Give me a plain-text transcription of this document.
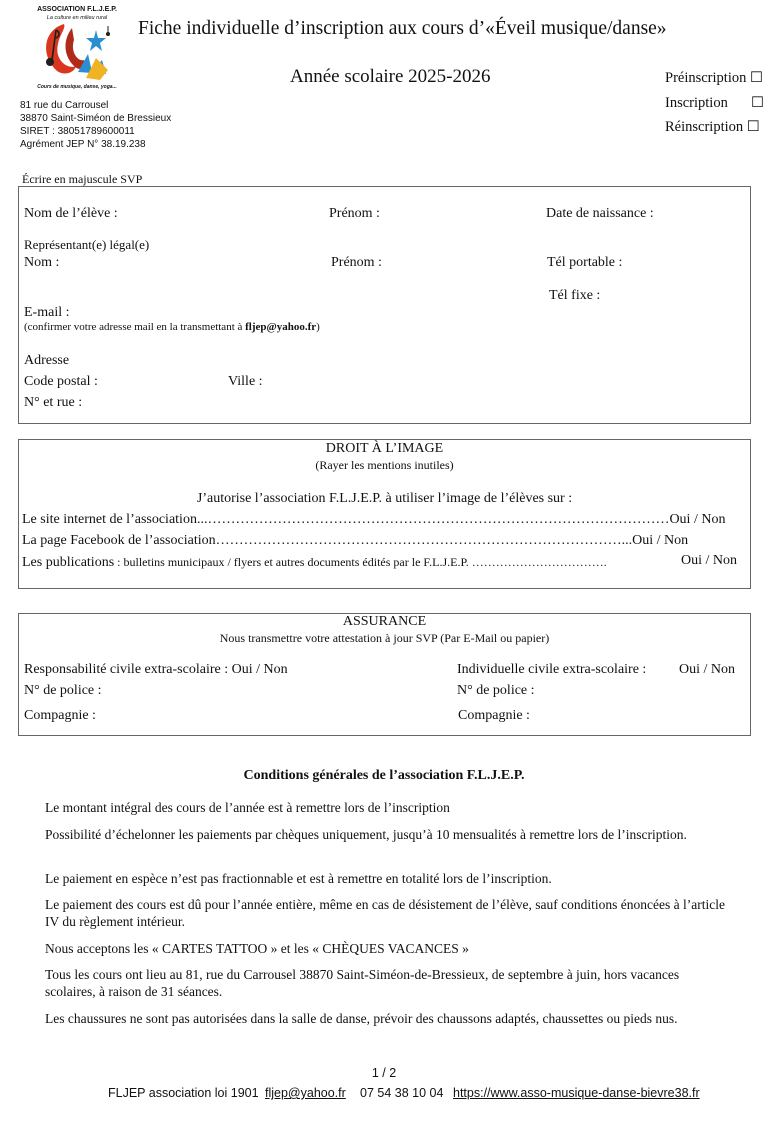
ASSOCIATION F.L.J.E.P.
La culture en milieu rural
Cours de musique, danse, yoga...
Fiche individuelle d’inscription aux cours d’«Éveil musique/danse»
Année scolaire 2025-2026	Préinscription ☐
Inscription ☐
Réinscription ☐
81 rue du Carrousel
38870 Saint-Siméon de Bressieux
SIRET : 38051789600011
Agrément JEP N° 38.19.238
Écrire en majuscule SVP
Nom de l’élève :	Prénom :	Date de naissance :
Représentant(e) légal(e)
Nom :	Prénom :	Tél portable :
Tél fixe :
E-mail :
(confirmer votre adresse mail en la transmettant à fljep@yahoo.fr)
Adresse
Code postal :	Ville :
N° et rue :
DROIT À L’IMAGE
(Rayer les mentions inutiles)
J’autorise l’association F.L.J.E.P. à utiliser l’image de l’élèves sur :
Le site internet de l’association...………………………………………………………………………………………Oui / Non
La page Facebook de l’association……………………………………………………………………………...Oui / Non
Les publications : bulletins municipaux / flyers et autres documents édités par le F.L.J.E.P. …………………………….	Oui / Non
ASSURANCE
Nous transmettre votre attestation à jour SVP (Par E-Mail ou papier)
Responsabilité civile extra-scolaire : Oui / Non	Individuelle civile extra-scolaire : Oui / Non
N° de police :	N° de police :
Compagnie :	Compagnie :
Conditions générales de l’association F.L.J.E.P.
Le montant intégral des cours de l’année est à remettre lors de l’inscription
Possibilité d’échelonner les paiements par chèques uniquement, jusqu’à 10 mensualités à remettre lors de l’inscription.
Le paiement en espèce n’est pas fractionnable et est à remettre en totalité lors de l’inscription.
Le paiement des cours est dû pour l’année entière, même en cas de désistement de l’élève, sauf conditions énoncées à l’article IV du règlement intérieur.
Nous acceptons les « CARTES TATTOO » et les « CHÈQUES VACANCES »
Tous les cours ont lieu au 81, rue du Carrousel 38870 Saint-Siméon-de-Bressieux, de septembre à juin, hors vacances scolaires, à raison de 31 séances.
Les chaussures ne sont pas autorisées dans la salle de danse, prévoir des chaussons adaptés, chaussettes ou pieds nus.
1 / 2
FLJEP association loi 1901 fljep@yahoo.fr 07 54 38 10 04 https://www.asso-musique-danse-bievre38.fr
